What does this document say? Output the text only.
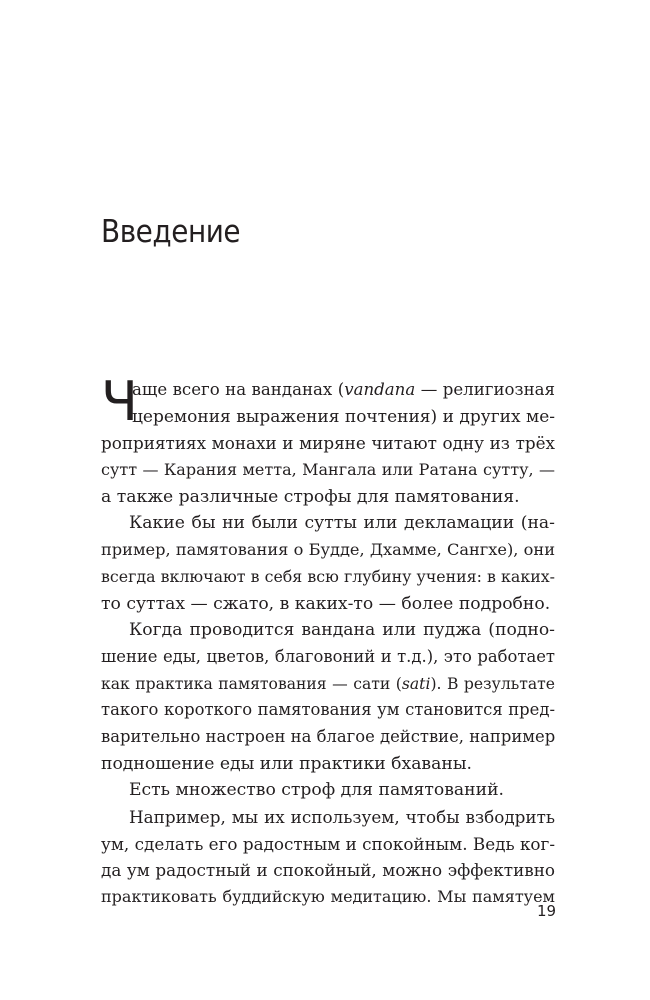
Введение
Ч
аще всего на ванданах (vandana — религиозная
церемония выражения почтения) и других ме-
роприятиях монахи и миряне читают одну из трёх
сутт — Карания метта, Мангала или Ратана сутту, —
а также различные строфы для памятования.
Какие бы ни были сутты или декламации (на-
пример, памятования о Будде, Дхамме, Сангхе), они
всегда включают в себя всю глубину учения: в каких-
то суттах — сжато, в каких-то — более подробно.
Когда проводится вандана или пуджа (подно-
шение еды, цветов, благовоний и т.д.), это работает
как практика памятования — сати (sati). В результате
такого короткого памятования ум становится пред-
варительно настроен на благое действие, например
подношение еды или практики бхаваны.
Есть множество строф для памятований.
Например, мы их используем, чтобы взбодрить
ум, сделать его радостным и спокойным. Ведь ког-
да ум радостный и спокойный, можно эффективно
практиковать буддийскую медитацию. Мы памятуем
19
